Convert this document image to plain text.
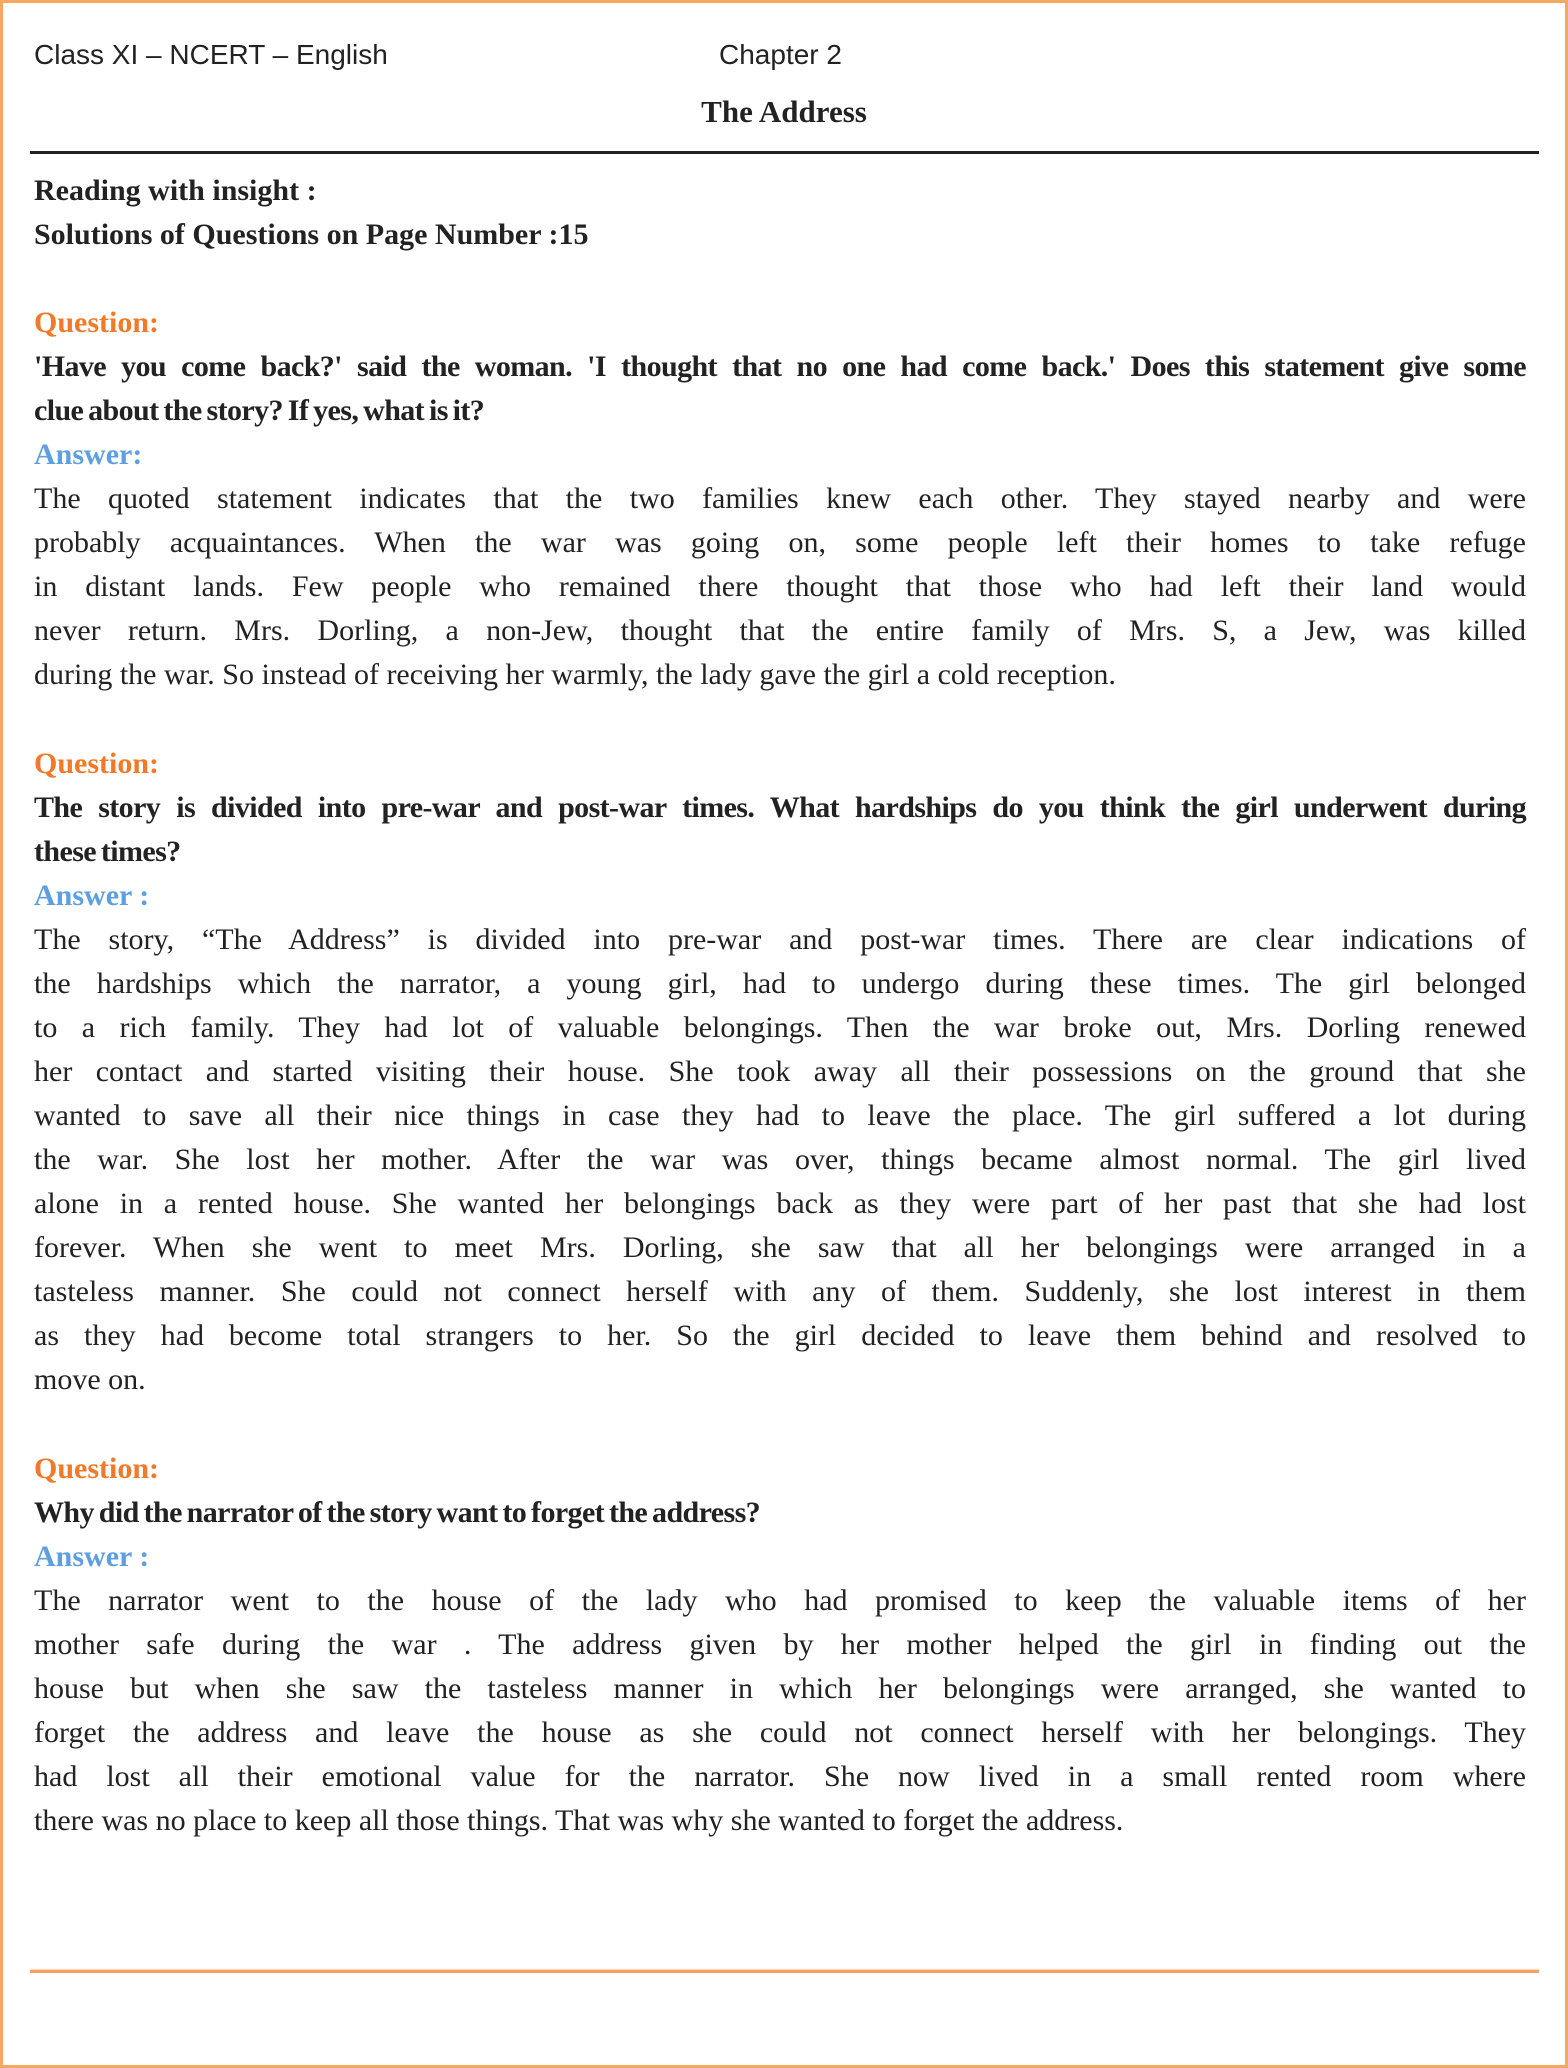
Class XI – NCERT – English	Chapter 2
The Address
Reading with insight :
Solutions of Questions on Page Number :15
Question:
'Have you come back?' said the woman. 'I thought that no one had come back.' Does this statement give some
clue about the story? If yes, what is it?
Answer:
The quoted statement indicates that the two families knew each other. They stayed nearby and were
probably acquaintances. When the war was going on, some people left their homes to take refuge
in distant lands. Few people who remained there thought that those who had left their land would
never return. Mrs. Dorling, a non-Jew, thought that the entire family of Mrs. S, a Jew, was killed
during the war. So instead of receiving her warmly, the lady gave the girl a cold reception.
Question:
The story is divided into pre-war and post-war times. What hardships do you think the girl underwent during
these times?
Answer :
The story, “The Address” is divided into pre-war and post-war times. There are clear indications of
the hardships which the narrator, a young girl, had to undergo during these times. The girl belonged
to a rich family. They had lot of valuable belongings. Then the war broke out, Mrs. Dorling renewed
her contact and started visiting their house. She took away all their possessions on the ground that she
wanted to save all their nice things in case they had to leave the place. The girl suffered a lot during
the war. She lost her mother. After the war was over, things became almost normal. The girl lived
alone in a rented house. She wanted her belongings back as they were part of her past that she had lost
forever. When she went to meet Mrs. Dorling, she saw that all her belongings were arranged in a
tasteless manner. She could not connect herself with any of them. Suddenly, she lost interest in them
as they had become total strangers to her. So the girl decided to leave them behind and resolved to
move on.
Question:
Why did the narrator of the story want to forget the address?
Answer :
The narrator went to the house of the lady who had promised to keep the valuable items of her
mother safe during the war . The address given by her mother helped the girl in finding out the
house but when she saw the tasteless manner in which her belongings were arranged, she wanted to
forget the address and leave the house as she could not connect herself with her belongings. They
had lost all their emotional value for the narrator. She now lived in a small rented room where
there was no place to keep all those things. That was why she wanted to forget the address.
